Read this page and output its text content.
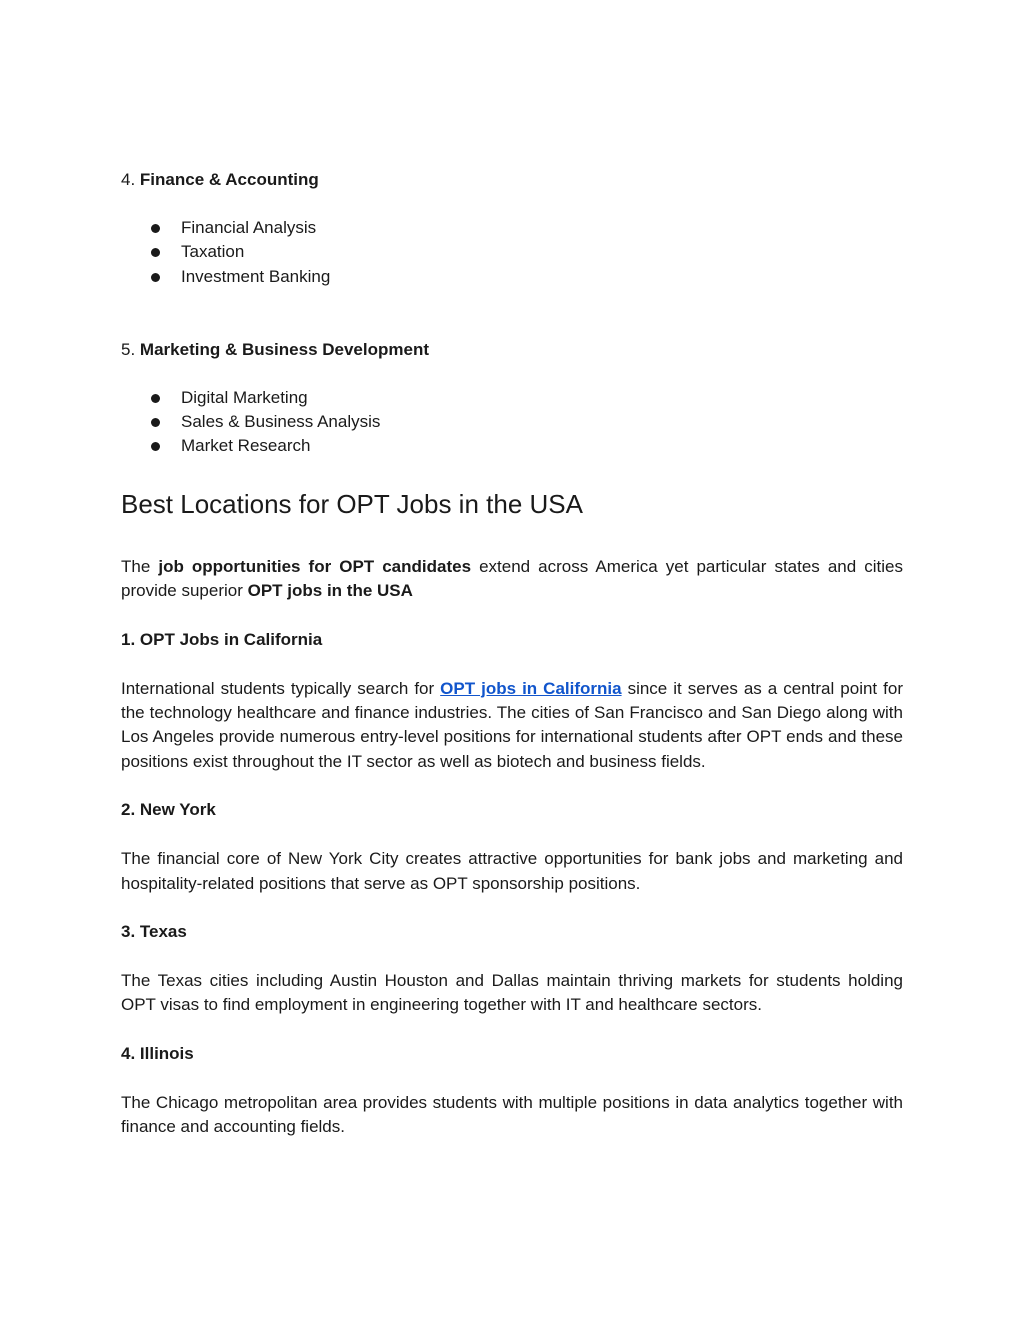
4. Finance & Accounting

Financial Analysis
Taxation
Investment Banking

5. Marketing & Business Development

Digital Marketing
Sales & Business Analysis
Market Research
Best Locations for OPT Jobs in the USA

The job opportunities for OPT candidates extend across America yet particular states and cities provide superior OPT jobs in the USA

1. OPT Jobs in California

International students typically search for OPT jobs in California since it serves as a central point for the technology healthcare and finance industries. The cities of San Francisco and San Diego along with Los Angeles provide numerous entry-level positions for international students after OPT ends and these positions exist throughout the IT sector as well as biotech and business fields.

2. New York

The financial core of New York City creates attractive opportunities for bank jobs and marketing and hospitality-related positions that serve as OPT sponsorship positions.

3. Texas

The Texas cities including Austin Houston and Dallas maintain thriving markets for students holding OPT visas to find employment in engineering together with IT and healthcare sectors.

4. Illinois

The Chicago metropolitan area provides students with multiple positions in data analytics together with finance and accounting fields.
